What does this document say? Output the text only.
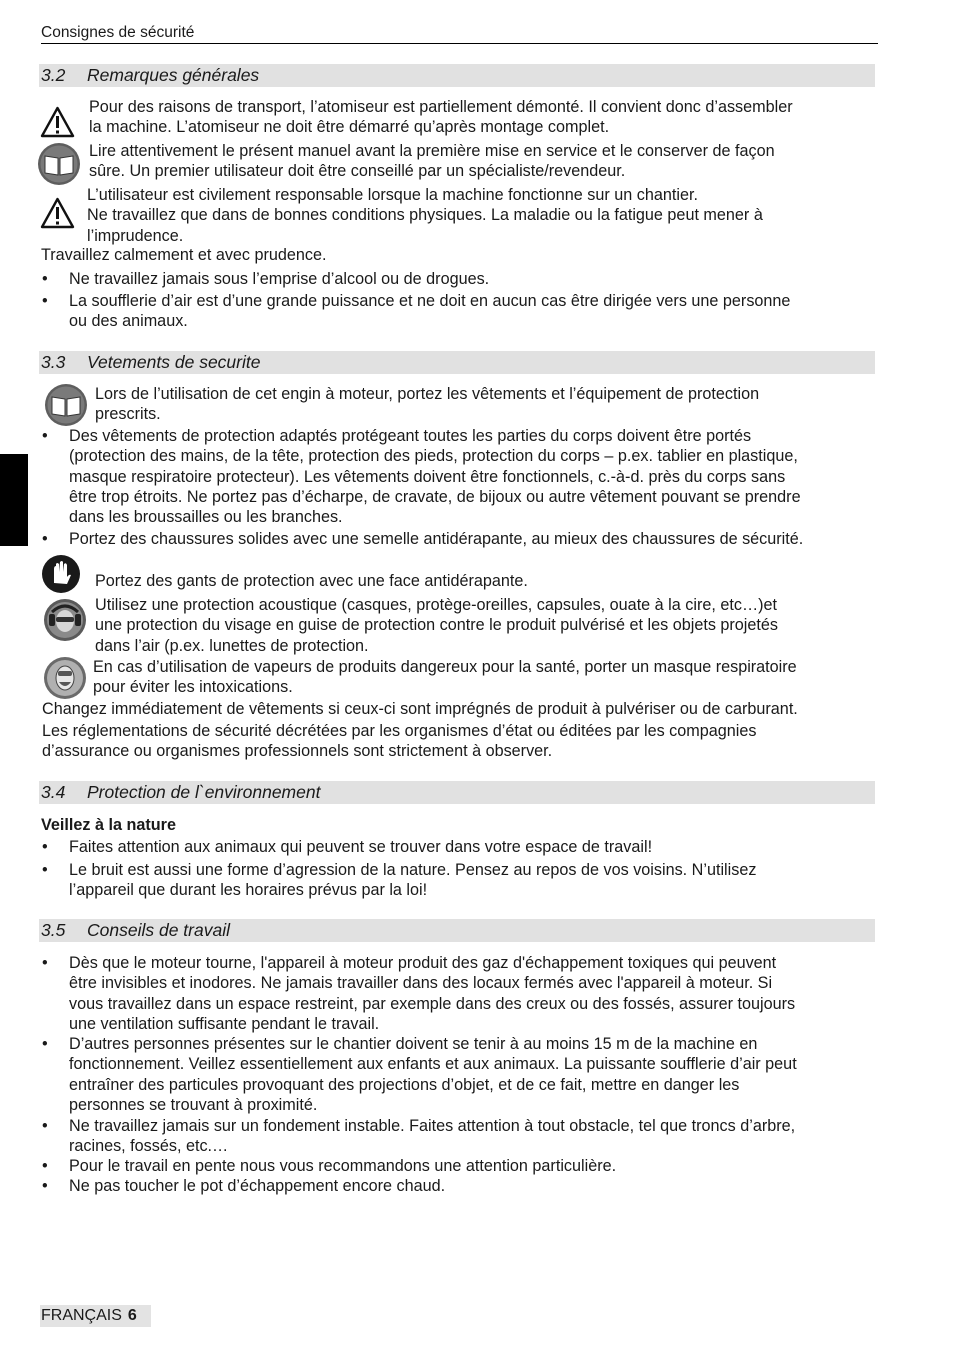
Consignes de sécurité
3.2 Remarques générales
Pour des raisons de transport, l’atomiseur est partiellement démonté. Il convient donc d’assembler
la machine. L’atomiseur ne doit être démarré qu’après montage complet.
Lire attentivement le présent manuel avant la première mise en service et le conserver de façon
sûre. Un premier utilisateur doit être conseillé par un spécialiste/revendeur.
L’utilisateur est civilement responsable lorsque la machine fonctionne sur un chantier.
Ne travaillez que dans de bonnes conditions physiques. La maladie ou la fatigue peut mener à
l’imprudence.
Travaillez calmement et avec prudence.
• Ne travaillez jamais sous l’emprise d’alcool ou de drogues.
• La soufflerie d’air est d’une grande puissance et ne doit en aucun cas être dirigée vers une personne
ou des animaux.
3.3 Vetements de securite
Lors de l’utilisation de cet engin à moteur, portez les vêtements et l’équipement de protection
prescrits.
• Des vêtements de protection adaptés protégeant toutes les parties du corps doivent être portés
(protection des mains, de la tête, protection des pieds, protection du corps – p.ex. tablier en plastique,
masque respiratoire protecteur). Les vêtements doivent être fonctionnels, c.-à-d. près du corps sans
être trop étroits. Ne portez pas d’écharpe, de cravate, de bijoux ou autre vêtement pouvant se prendre
dans les broussailles ou les branches.
• Portez des chaussures solides avec une semelle antidérapante, au mieux des chaussures de sécurité.
Portez des gants de protection avec une face antidérapante.
Utilisez une protection acoustique (casques, protège-oreilles, capsules, ouate à la cire, etc…)et
une protection du visage en guise de protection contre le produit pulvérisé et les objets projetés
dans l’air (p.ex. lunettes de protection.
En cas d’utilisation de vapeurs de produits dangereux pour la santé, porter un masque respiratoire
pour éviter les intoxications.
Changez immédiatement de vêtements si ceux-ci sont imprégnés de produit à pulvériser ou de carburant.
Les réglementations de sécurité décrétées par les organismes d’état ou éditées par les compagnies
d’assurance ou organismes professionnels sont strictement à observer.
3.4 Protection de l`environnement
Veillez à la nature
• Faites attention aux animaux qui peuvent se trouver dans votre espace de travail!
• Le bruit est aussi une forme d’agression de la nature. Pensez au repos de vos voisins. N’utilisez
l’appareil que durant les horaires prévus par la loi!
3.5 Conseils de travail
• Dès que le moteur tourne, l'appareil à moteur produit des gaz d'échappement toxiques qui peuvent
être invisibles et inodores. Ne jamais travailler dans des locaux fermés avec l'appareil à moteur. Si
vous travaillez dans un espace restreint, par exemple dans des creux ou des fossés, assurer toujours
une ventilation suffisante pendant le travail.
• D’autres personnes présentes sur le chantier doivent se tenir à au moins 15 m de la machine en
fonctionnement. Veillez essentiellement aux enfants et aux animaux. La puissante soufflerie d’air peut
entraîner des particules provoquant des projections d’objet, et de ce fait, mettre en danger les
personnes se trouvant à proximité.
• Ne travaillez jamais sur un fondement instable. Faites attention à tout obstacle, tel que troncs d’arbre,
racines, fossés, etc.…
• Pour le travail en pente nous vous recommandons une attention particulière.
• Ne pas toucher le pot d’échappement encore chaud.
FRANÇAIS 6
